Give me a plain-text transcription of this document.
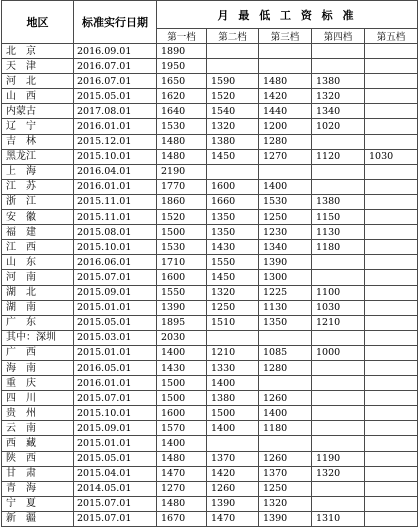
地区	标准实行日期	月 最 低 工 资 标 准				
		第一档	第二档	第三档	第四档	第五档
北　京	2016.09.01	1890				
天　津	2016.07.01	1950				
河　北	2016.07.01	1650	1590	1480	1380	
山　西	2015.05.01	1620	1520	1420	1320	
内蒙古	2017.08.01	1640	1540	1440	1340	
辽　宁	2016.01.01	1530	1320	1200	1020	
吉　林	2015.12.01	1480	1380	1280		
黑龙江	2015.10.01	1480	1450	1270	1120	1030
上　海	2016.04.01	2190				
江　苏	2016.01.01	1770	1600	1400		
浙　江	2015.11.01	1860	1660	1530	1380	
安　徽	2015.11.01	1520	1350	1250	1150	
福　建	2015.08.01	1500	1350	1230	1130	
江　西	2015.10.01	1530	1430	1340	1180	
山　东	2016.06.01	1710	1550	1390		
河　南	2015.07.01	1600	1450	1300		
湖　北	2015.09.01	1550	1320	1225	1100	
湖　南	2015.01.01	1390	1250	1130	1030	
广　东	2015.05.01	1895	1510	1350	1210	
其中：深圳	2015.03.01	2030				
广　西	2015.01.01	1400	1210	1085	1000	
海　南	2016.05.01	1430	1330	1280		
重　庆	2016.01.01	1500	1400			
四　川	2015.07.01	1500	1380	1260		
贵　州	2015.10.01	1600	1500	1400		
云　南	2015.09.01	1570	1400	1180		
西　藏	2015.01.01	1400				
陕　西	2015.05.01	1480	1370	1260	1190	
甘　肃	2015.04.01	1470	1420	1370	1320	
青　海	2014.05.01	1270	1260	1250		
宁　夏	2015.07.01	1480	1390	1320		
新　疆	2015.07.01	1670	1470	1390	1310	
